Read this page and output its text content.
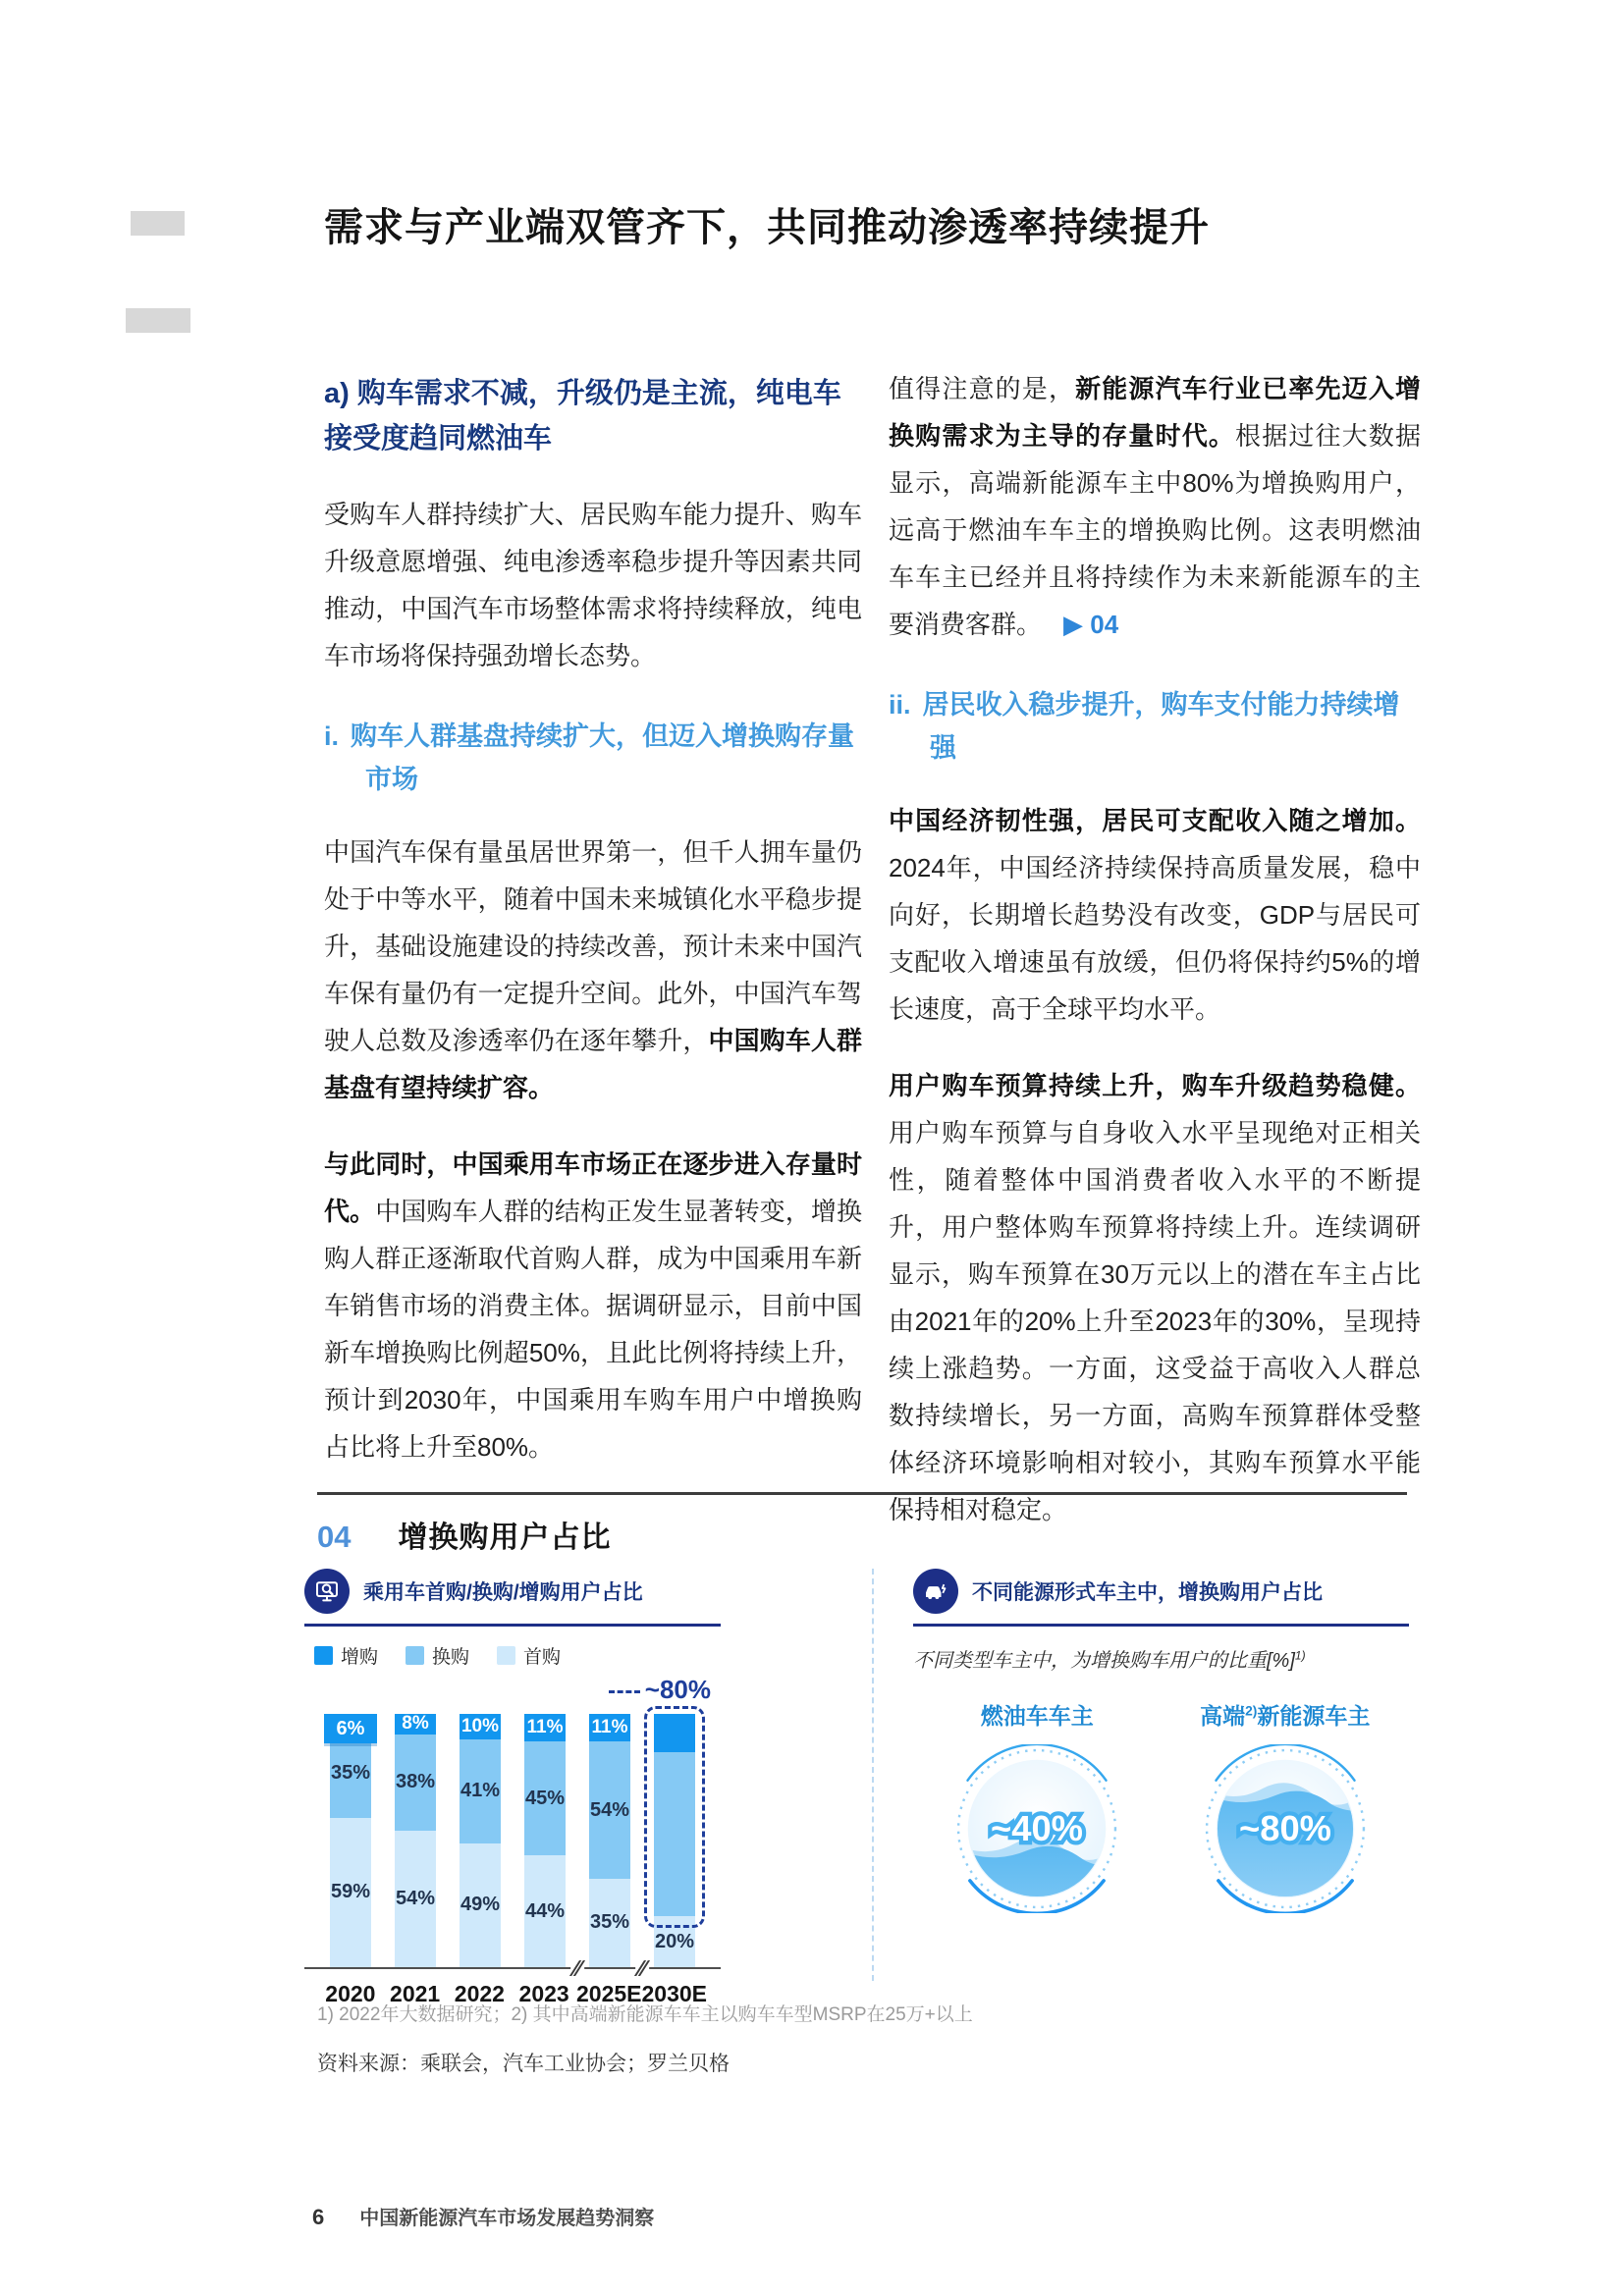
需求与产业端双管齐下，共同推动渗透率持续提升
a) 购车需求不减，升级仍是主流，纯电车接受度趋同燃油车

受购车人群持续扩大、居民购车能力提升、购车升级意愿增强、纯电渗透率稳步提升等因素共同推动，中国汽车市场整体需求将持续释放，纯电车市场将保持强劲增长态势。

i. 购车人群基盘持续扩大，但迈入增换购存量市场

中国汽车保有量虽居世界第一，但千人拥车量仍处于中等水平，随着中国未来城镇化水平稳步提升，基础设施建设的持续改善，预计未来中国汽车保有量仍有一定提升空间。此外，中国汽车驾驶人总数及渗透率仍在逐年攀升，中国购车人群基盘有望持续扩容。

与此同时，中国乘用车市场正在逐步进入存量时代。中国购车人群的结构正发生显著转变，增换购人群正逐渐取代首购人群，成为中国乘用车新车销售市场的消费主体。据调研显示，目前中国新车增换购比例超50%，且此比例将持续上升，预计到2030年，中国乘用车购车用户中增换购占比将上升至80%。

值得注意的是，新能源汽车行业已率先迈入增换购需求为主导的存量时代。根据过往大数据显示，高端新能源车主中80%为增换购用户，远高于燃油车车主的增换购比例。这表明燃油车车主已经并且将持续作为未来新能源车的主要消费客群。 ▶ 04

ii. 居民收入稳步提升，购车支付能力持续增强

中国经济韧性强，居民可支配收入随之增加。2024年，中国经济持续保持高质量发展，稳中向好，长期增长趋势没有改变，GDP与居民可支配收入增速虽有放缓，但仍将保持约5%的增长速度，高于全球平均水平。

用户购车预算持续上升，购车升级趋势稳健。用户购车预算与自身收入水平呈现绝对正相关性，随着整体中国消费者收入水平的不断提升，用户整体购车预算将持续上升。连续调研显示，购车预算在30万元以上的潜在车主占比由2021年的20%上升至2023年的30%，呈现持续上涨趋势。一方面，这受益于高收入人群总数持续增长，另一方面，高购车预算群体受整体经济环境影响相对较小，其购车预算水平能保持相对稳定。

04 增换购用户占比
乘用车首购/换购/增购用户占比
增购	换购	首购
6%
35%
59%
8%
38%
54%
10%
41%
49%
11%
45%
44%
11%
54%
35%
20%
~80%
∕∕	∕∕
2020 2021 2022 2023 2025E 2030E
不同能源形式车主中，增换购用户占比
不同类型车主中，为增换购车用户的比重[%]$^{1)}$
燃油车车主
~40%
高端$^{2)}$新能源车主
~80%
1) 2022年大数据研究；2) 其中高端新能源车车主以购车车型MSRP在25万+以上
资料来源：乘联会，汽车工业协会；罗兰贝格
6 中国新能源汽车市场发展趋势洞察
